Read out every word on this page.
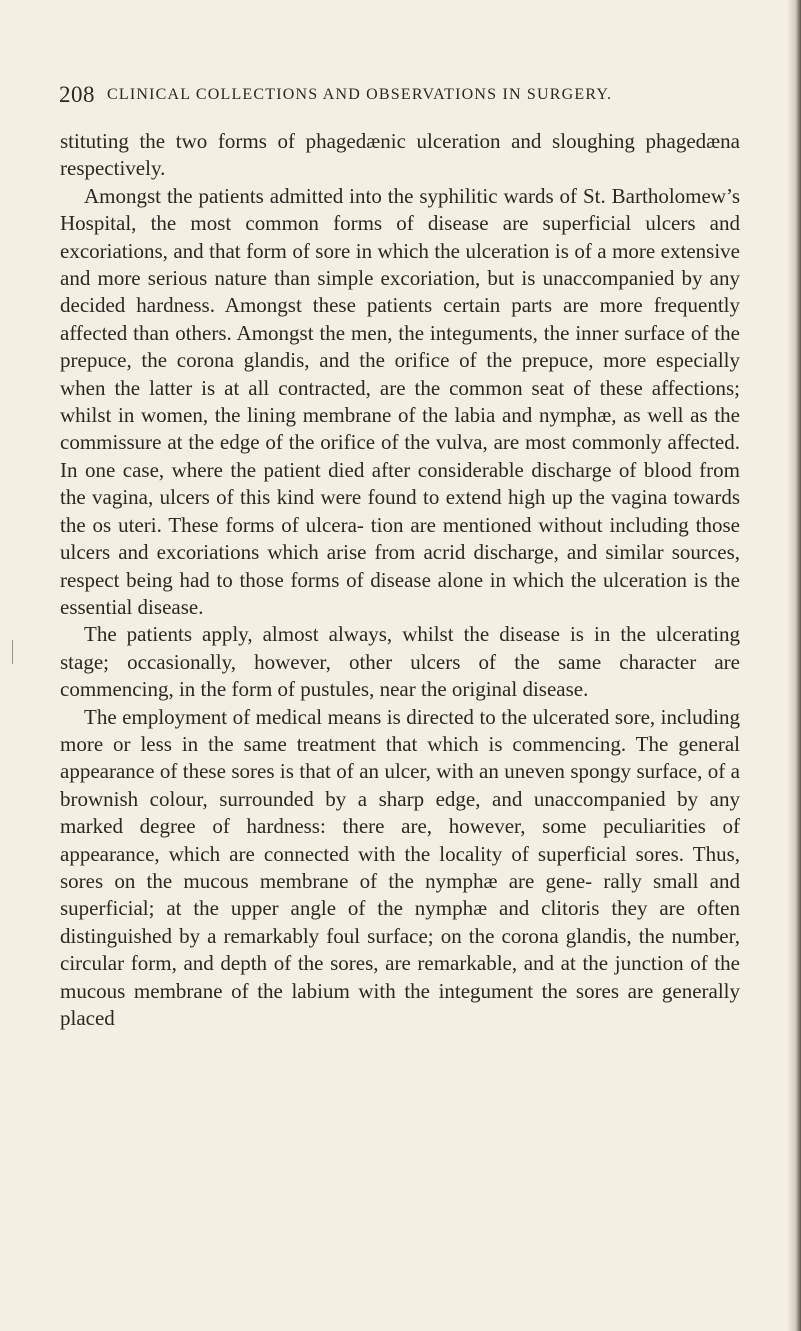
208 CLINICAL COLLECTIONS AND OBSERVATIONS IN SURGERY.

stituting the two forms of phagedænic ulceration and sloughing phagedæna respectively.

Amongst the patients admitted into the syphilitic wards of St. Bartholomew’s Hospital, the most common forms of disease are superficial ulcers and excoriations, and that form of sore in which the ulceration is of a more extensive and more serious nature than simple excoriation, but is unaccompanied by any decided hardness. Amongst these patients certain parts are more frequently affected than others. Amongst the men, the integuments, the inner surface of the prepuce, the corona glandis, and the orifice of the prepuce, more especially when the latter is at all contracted, are the common seat of these affections; whilst in women, the lining membrane of the labia and nymphæ, as well as the commissure at the edge of the orifice of the vulva, are most commonly affected. In one case, where the patient died after considerable discharge of blood from the vagina, ulcers of this kind were found to extend high up the vagina towards the os uteri. These forms of ulcera- tion are mentioned without including those ulcers and excoriations which arise from acrid discharge, and similar sources, respect being had to those forms of disease alone in which the ulceration is the essential disease.

The patients apply, almost always, whilst the disease is in the ulcerating stage; occasionally, however, other ulcers of the same character are commencing, in the form of pustules, near the original disease.

The employment of medical means is directed to the ulcerated sore, including more or less in the same treatment that which is commencing. The general appearance of these sores is that of an ulcer, with an uneven spongy surface, of a brownish colour, surrounded by a sharp edge, and unaccompanied by any marked degree of hardness: there are, however, some peculiarities of appearance, which are connected with the locality of superficial sores. Thus, sores on the mucous membrane of the nymphæ are gene- rally small and superficial; at the upper angle of the nymphæ and clitoris they are often distinguished by a remarkably foul surface; on the corona glandis, the number, circular form, and depth of the sores, are remarkable, and at the junction of the mucous membrane of the labium with the integument the sores are generally placed
